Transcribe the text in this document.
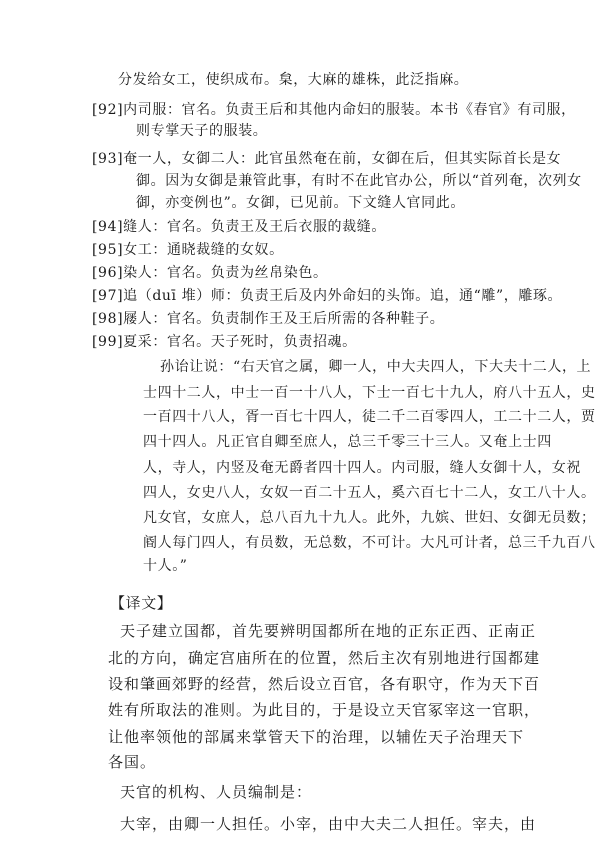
分发给女工，使织成布。枲，大麻的雄株，此泛指麻。
[92]内司服：官名。负责王后和其他内命妇的服装。本书《春官》有司服，
则专掌天子的服装。
[93]奄一人，女御二人：此官虽然奄在前，女御在后，但其实际首长是女
御。因为女御是兼管此事，有时不在此官办公，所以“首列奄，次列女
御，亦变例也”。女御，已见前。下文缝人官同此。
[94]缝人：官名。负责王及王后衣服的裁缝。
[95]女工：通晓裁缝的女奴。
[96]染人：官名。负责为丝帛染色。
[97]追（duī 堆）师：负责王后及内外命妇的头饰。追，通“雕”，雕琢。
[98]屦人：官名。负责制作王及王后所需的各种鞋子。
[99]夏采：官名。天子死时，负责招魂。
孙诒让说：“右天官之属，卿一人，中大夫四人，下大夫十二人，上
士四十二人，中士一百一十八人，下士一百七十九人，府八十五人，史
一百四十八人，胥一百七十四人，徒二千二百零四人，工二十二人，贾
四十四人。凡正官自卿至庶人，总三千零三十三人。又奄上士四
人，寺人，内竖及奄无爵者四十四人。内司服，缝人女御十人，女祝
四人，女史八人，女奴一百二十五人，奚六百七十二人，女工八十人。
凡女官，女庶人，总八百九十九人。此外，九嫔、世妇、女御无员数；
阍人每门四人，有员数，无总数，不可计。大凡可计者，总三千九百八
十人。”
【译文】
天子建立国都，首先要辨明国都所在地的正东正西、正南正
北的方向，确定宫庙所在的位置，然后主次有别地进行国都建
设和肇画郊野的经营，然后设立百官，各有职守，作为天下百
姓有所取法的准则。为此目的，于是设立天官冢宰这一官职，
让他率领他的部属来掌管天下的治理，以辅佐天子治理天下
各国。
天官的机构、人员编制是：
大宰，由卿一人担任。小宰，由中大夫二人担任。宰夫，由
